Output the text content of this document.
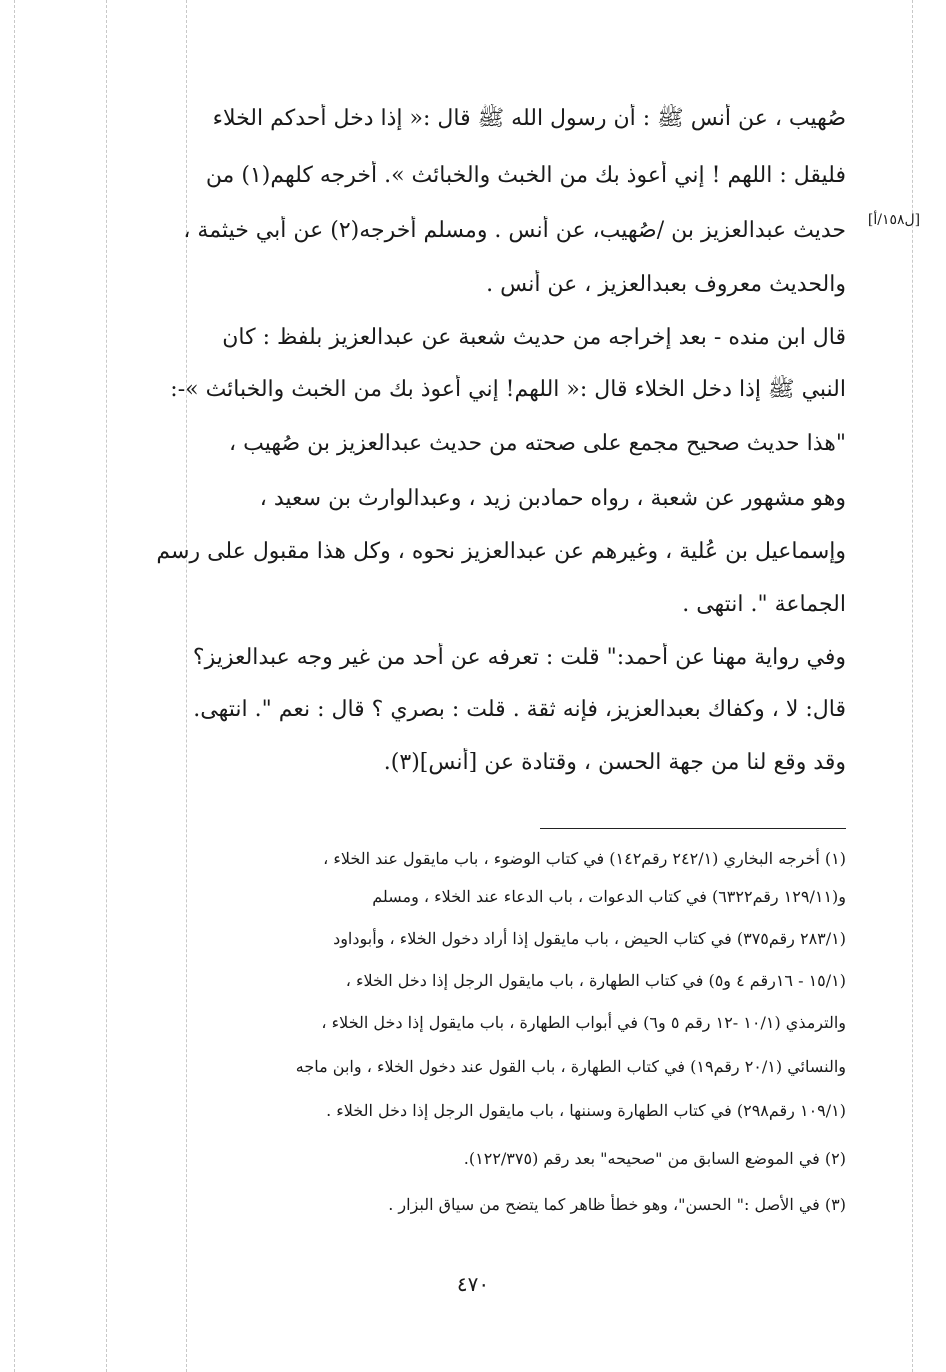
[ل١٥٨/أ]
صُهيب ، عن أنس ﷺ : أن رسول الله ﷺ قال :« إذا دخل أحدكم الخلاء
فليقل : اللهم ! إني أعوذ بك من الخبث والخبائث ». أخرجه كلهم(١) من
حديث عبدالعزيز بن /صُهيب، عن أنس . ومسلم أخرجه(٢) عن أبي خيثمة ،
والحديث معروف بعبدالعزيز ، عن أنس .
قال ابن منده - بعد إخراجه من حديث شعبة عن عبدالعزيز بلفظ : كان
النبي ﷺ إذا دخل الخلاء قال :« اللهم! إني أعوذ بك من الخبث والخبائث »-:
"هذا حديث صحيح مجمع على صحته من حديث عبدالعزيز بن صُهيب ،
وهو مشهور عن شعبة ، رواه حمادبن زيد ، وعبدالوارث بن سعيد ،
وإسماعيل بن عُلية ، وغيرهم عن عبدالعزيز نحوه ، وكل هذا مقبول على رسم
الجماعة ". انتهى .
وفي رواية مهنا عن أحمد:" قلت : تعرفه عن أحد من غير وجه عبدالعزيز؟
قال: لا ، وكفاك بعبدالعزيز، فإنه ثقة . قلت : بصري ؟ قال : نعم ". انتهى.
وقد وقع لنا من جهة الحسن ، وقتادة عن [أنس](٣).
(١) أخرجه البخاري (٢٤٢/١ رقم١٤٢) في كتاب الوضوء ، باب مايقول عند الخلاء ،
و(١٢٩/١١ رقم٦٣٢٢) في كتاب الدعوات ، باب الدعاء عند الخلاء ، ومسلم
(٢٨٣/١ رقم٣٧٥) في كتاب الحيض ، باب مايقول إذا أراد دخول الخلاء ، وأبوداود
(١٥/١ - ١٦رقم ٤ و٥) في كتاب الطهارة ، باب مايقول الرجل إذا دخل الخلاء ،
والترمذي (١٠/١ -١٢ رقم ٥ و٦) في أبواب الطهارة ، باب مايقول إذا دخل الخلاء ،
والنسائي (٢٠/١ رقم١٩) في كتاب الطهارة ، باب القول عند دخول الخلاء ، وابن ماجه
(١٠٩/١ رقم٢٩٨) في كتاب الطهارة وسننها ، باب مايقول الرجل إذا دخل الخلاء .
(٢) في الموضع السابق من "صحيحه" بعد رقم (١٢٢/٣٧٥).
(٣) في الأصل :" الحسن"، وهو خطأ ظاهر كما يتضح من سياق البزار .
٤٧٠
